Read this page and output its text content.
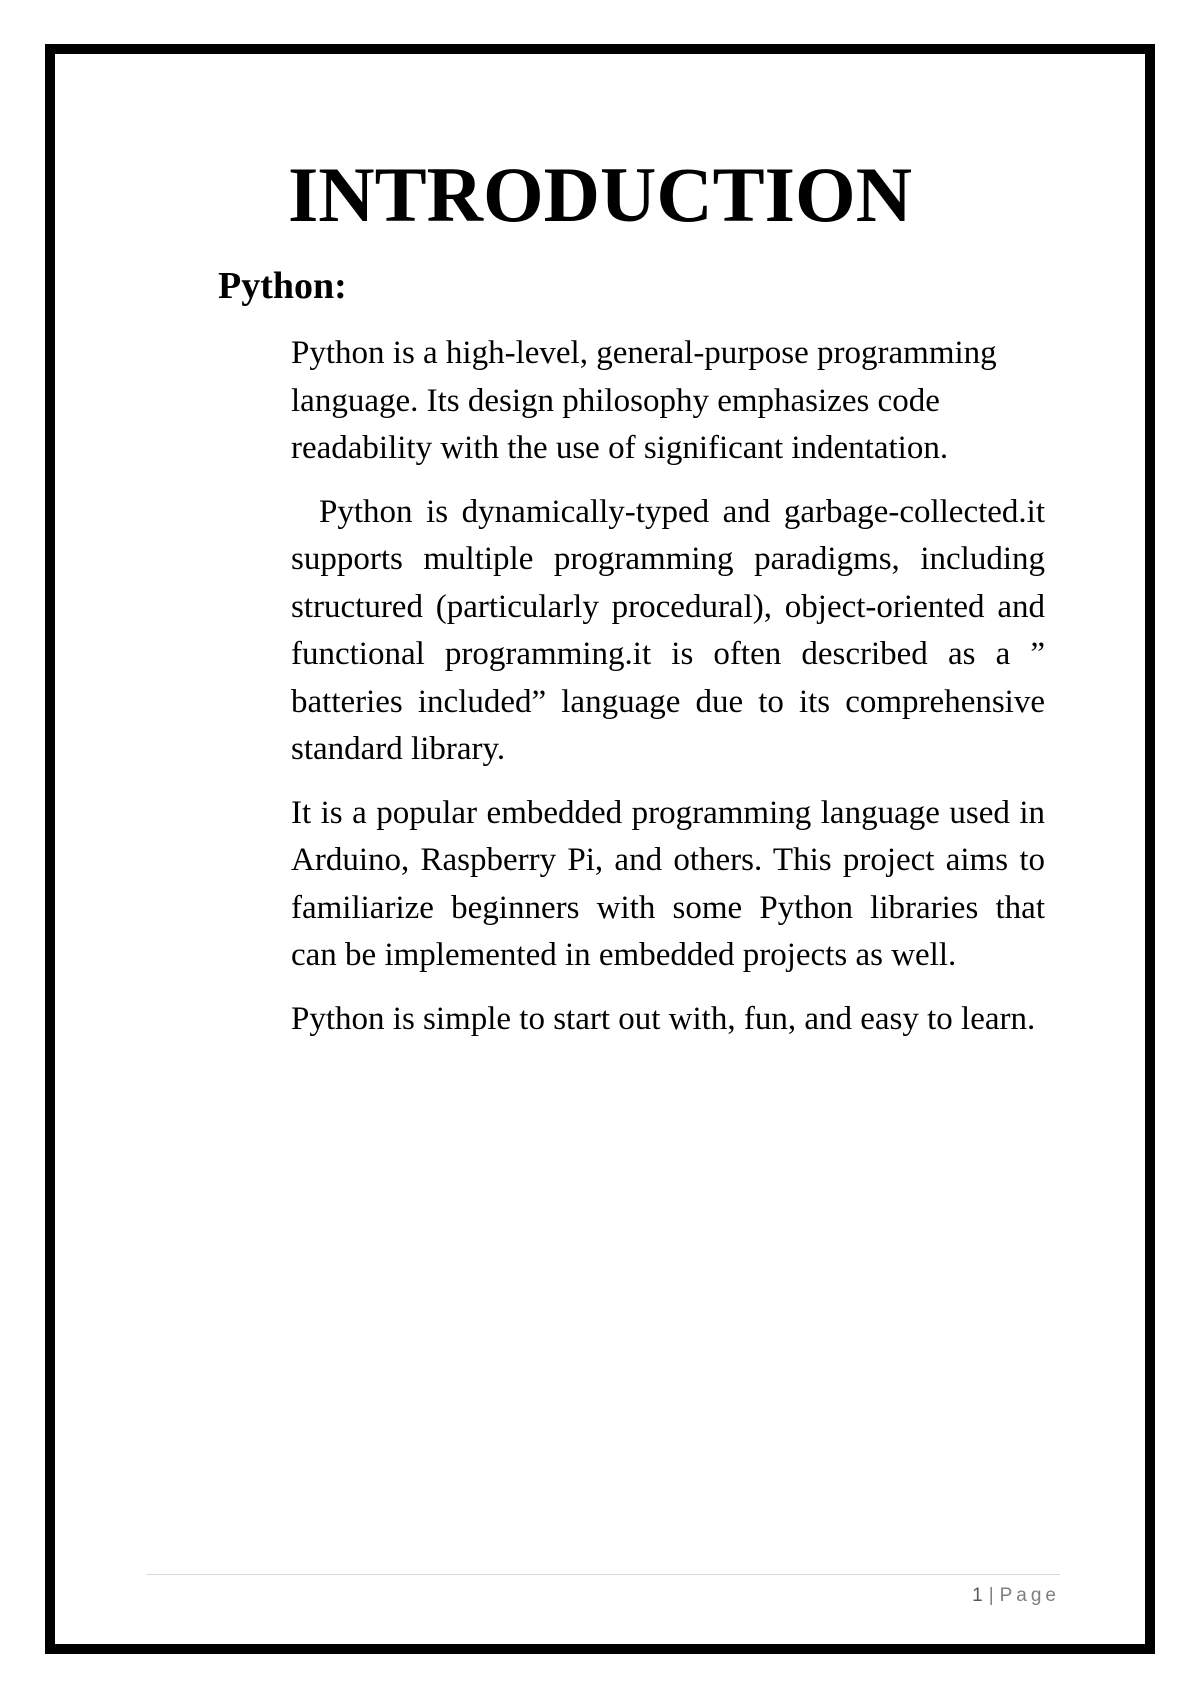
INTRODUCTION
Python:

Python is a high-level, general-purpose programming language. Its design philosophy emphasizes code readability with the use of significant indentation.

Python is dynamically-typed and garbage-collected.it supports multiple programming paradigms, including structured (particularly procedural), object-oriented and functional programming.it is often described as a ” batteries included” language due to its comprehensive standard library.

It is a popular embedded programming language used in Arduino, Raspberry Pi, and others. This project aims to familiarize beginners with some Python libraries that can be implemented in embedded projects as well.

Python is simple to start out with, fun, and easy to learn.

1 | Page
